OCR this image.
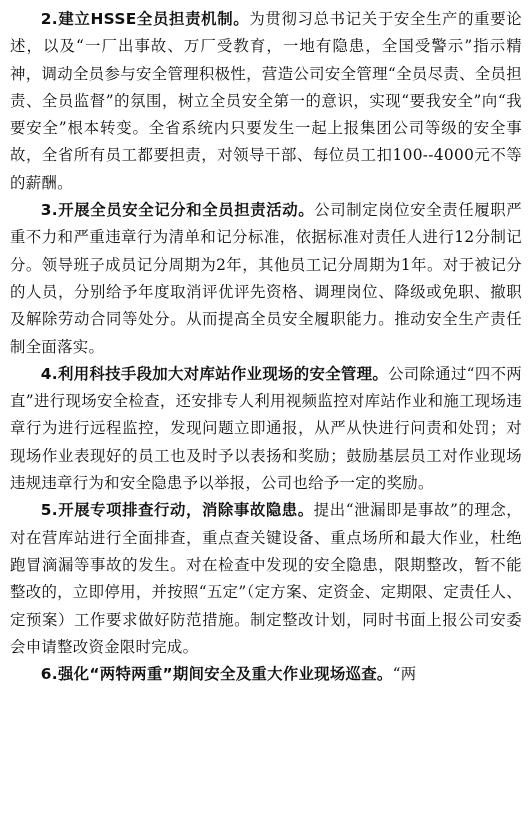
2.建立HSSE全员担责机制。为贯彻习总书记关于安全生产的重要论述，以及“一厂出事故、万厂受教育，一地有隐患，全国受警示”指示精神，调动全员参与安全管理积极性，营造公司安全管理“全员尽责、全员担责、全员监督”的氛围，树立全员安全第一的意识，实现“要我安全”向“我要安全”根本转变。全省系统内只要发生一起上报集团公司等级的安全事故，全省所有员工都要担责，对领导干部、每位员工扣100--4000元不等的薪酬。

3.开展全员安全记分和全员担责活动。公司制定岗位安全责任履职严重不力和严重违章行为清单和记分标准，依据标准对责任人进行12分制记分。领导班子成员记分周期为2年，其他员工记分周期为1年。对于被记分的人员，分别给予年度取消评优评先资格、调理岗位、降级或免职、撤职及解除劳动合同等处分。从而提高全员安全履职能力。推动安全生产责任制全面落实。

4.利用科技手段加大对库站作业现场的安全管理。公司除通过“四不两直”进行现场安全检查，还安排专人利用视频监控对库站作业和施工现场违章行为进行远程监控，发现问题立即通报，从严从快进行问责和处罚；对现场作业表现好的员工也及时予以表扬和奖励；鼓励基层员工对作业现场违规违章行为和安全隐患予以举报，公司也给予一定的奖励。

5.开展专项排查行动，消除事故隐患。提出“泄漏即是事故”的理念，对在营库站进行全面排查，重点查关键设备、重点场所和最大作业，杜绝跑冒滴漏等事故的发生。对在检查中发现的安全隐患，限期整改，暂不能整改的，立即停用，并按照“五定”（定方案、定资金、定期限、定责任人、定预案）工作要求做好防范措施。制定整改计划，同时书面上报公司安委会申请整改资金限时完成。

6.强化“两特两重”期间安全及重大作业现场巡查。“两
